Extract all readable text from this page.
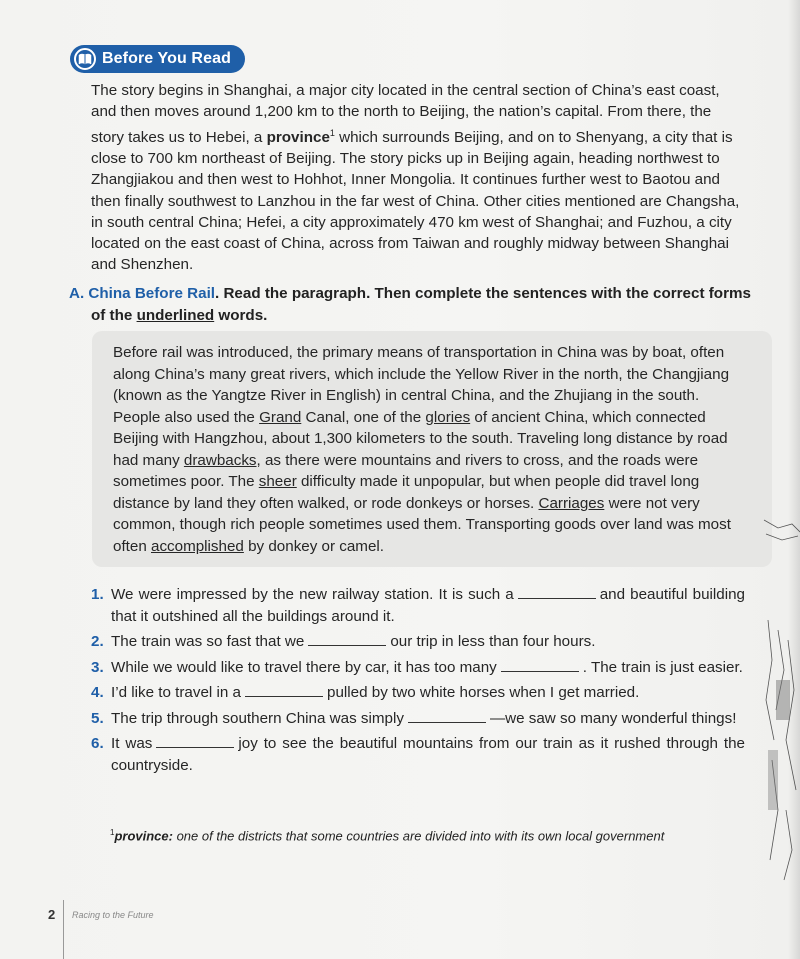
Before You Read

The story begins in Shanghai, a major city located in the central section of China’s east coast, and then moves around 1,200 km to the north to Beijing, the nation’s capital. From there, the story takes us to Hebei, a province$^1$ which surrounds Beijing, and on to Shenyang, a city that is close to 700 km northeast of Beijing. The story picks up in Beijing again, heading northwest to Zhangjiakou and then west to Hohhot, Inner Mongolia. It continues further west to Baotou and then finally southwest to Lanzhou in the far west of China. Other cities mentioned are Changsha, in south central China; Hefei, a city approximately 470 km west of Shanghai; and Fuzhou, a city located on the east coast of China, across from Taiwan and roughly midway between Shanghai and Shenzhen.

A. China Before Rail. Read the paragraph. Then complete the sentences with the correct forms
of the underlined words.

Before rail was introduced, the primary means of transportation in China was by boat, often along China’s many great rivers, which include the Yellow River in the north, the Changjiang (known as the Yangtze River in English) in central China, and the Zhujiang in the south. People also used the Grand Canal, one of the glories of ancient China, which connected Beijing with Hangzhou, about 1,300 kilometers to the south. Traveling long distance by road had many drawbacks, as there were mountains and rivers to cross, and the roads were sometimes poor. The sheer difficulty made it unpopular, but when people did travel long distance by land they often walked, or rode donkeys or horses. Carriages were not very common, though rich people sometimes used them. Transporting goods over land was most often accomplished by donkey or camel.

1. We were impressed by the new railway station. It is such a	and beautiful building that it outshined all the buildings around it.
2. The train was so fast that we	our trip in less than four hours.
3. While we would like to travel there by car, it has too many	. The train is just easier.
4. I’d like to travel in a	pulled by two white horses when I get married.
5. The trip through southern China was simply	—we saw so many wonderful things!
6. It was	joy to see the beautiful mountains from our train as it rushed through the countryside.

$^1$province: one of the districts that some countries are divided into with its own local government

2 Racing to the Future
